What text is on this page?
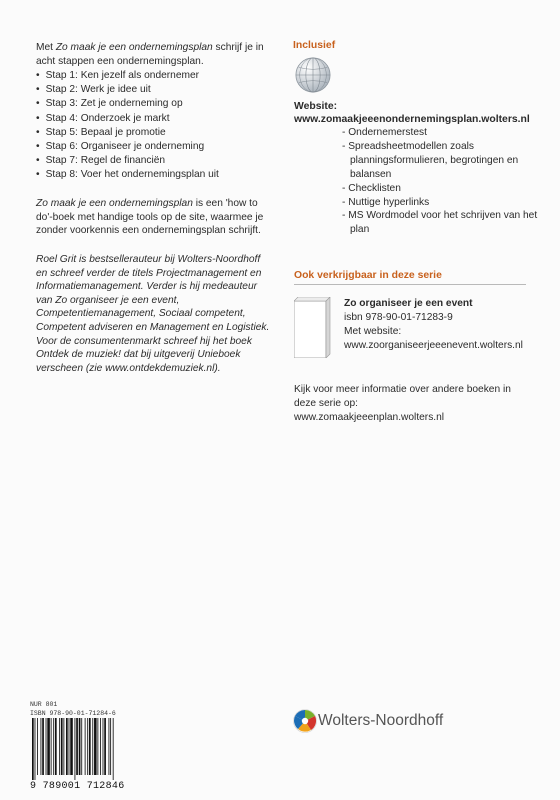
Met Zo maak je een ondernemingsplan schrijf je in acht stappen een ondernemingsplan.
• Stap 1: Ken jezelf als ondernemer
• Stap 2: Werk je idee uit
• Stap 3: Zet je onderneming op
• Stap 4: Onderzoek je markt
• Stap 5: Bepaal je promotie
• Stap 6: Organiseer je onderneming
• Stap 7: Regel de financiën
• Stap 8: Voer het ondernemingsplan uit
Zo maak je een ondernemingsplan is een 'how to do'-boek met handige tools op de site, waarmee je zonder voorkennis een ondernemingsplan schrijft.
Roel Grit is bestsellerauteur bij Wolters-Noordhoff en schreef verder de titels Projectmanagement en Informatiemanagement. Verder is hij medeauteur van Zo organiseer je een event, Competentiemanagement, Sociaal competent, Competent adviseren en Management en Logistiek. Voor de consumentenmarkt schreef hij het boek Ontdek de muziek! dat bij uitgeverij Unieboek verscheen (zie www.ontdekdemuziek.nl).
Inclusief
Website:
www.zomaakjeeenondernemingsplan.wolters.nl
- Ondernemerstest
- Spreadsheetmodellen zoals planningsformulieren, begrotingen en balansen
- Checklisten
- Nuttige hyperlinks
- MS Wordmodel voor het schrijven van het plan
Ook verkrijgbaar in deze serie
Zo organiseer je een event
isbn 978-90-01-71283-9
Met website:
www.zoorganiseerjeeenevent.wolters.nl
Kijk voor meer informatie over andere boeken in deze serie op:
www.zomaakjeeenplan.wolters.nl
NUR 801
ISBN 978-90-01-71284-6
9 789001 712846
Wolters-Noordhoff
